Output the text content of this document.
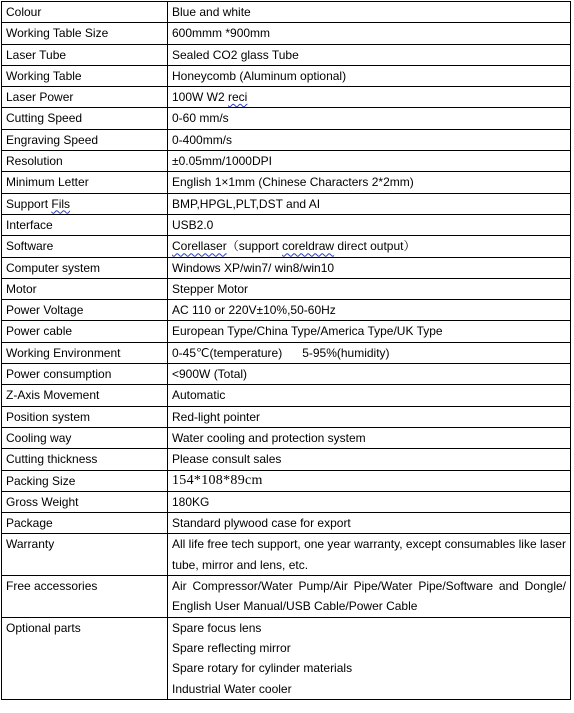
Colour	Blue and white
Working Table Size	600mmm *900mm
Laser Tube	Sealed CO2 glass Tube
Working Table	Honeycomb (Aluminum optional)
Laser Power	100W W2 reci
Cutting Speed	0-60 mm/s
Engraving Speed	0-400mm/s
Resolution	±0.05mm/1000DPI
Minimum Letter	English 1×1mm (Chinese Characters 2*2mm)
Support Fils	BMP,HPGL,PLT,DST and AI
Interface	USB2.0
Software	Corellaser（support coreldraw direct output）
Computer system	Windows XP/win7/ win8/win10
Motor	Stepper Motor
Power Voltage	AC 110 or 220V±10%,50-60Hz
Power cable	European Type/China Type/America Type/UK Type
Working Environment	0-45℃(temperature)      5-95%(humidity)
Power consumption	<900W (Total)
Z-Axis Movement	Automatic
Position system	Red-light pointer
Cooling way	Water cooling and protection system
Cutting thickness	Please consult sales
Packing Size	154*108*89cm
Gross Weight	180KG
Package	Standard plywood case for export
Warranty	All life free tech support, one year warranty, except consumables like laser tube, mirror and lens, etc.
Free accessories	Air Compressor/Water Pump/Air Pipe/Water Pipe/Software and Dongle/ English User Manual/USB Cable/Power Cable
Optional parts	Spare focus lens
Spare reflecting mirror
Spare rotary for cylinder materials
Industrial Water cooler
